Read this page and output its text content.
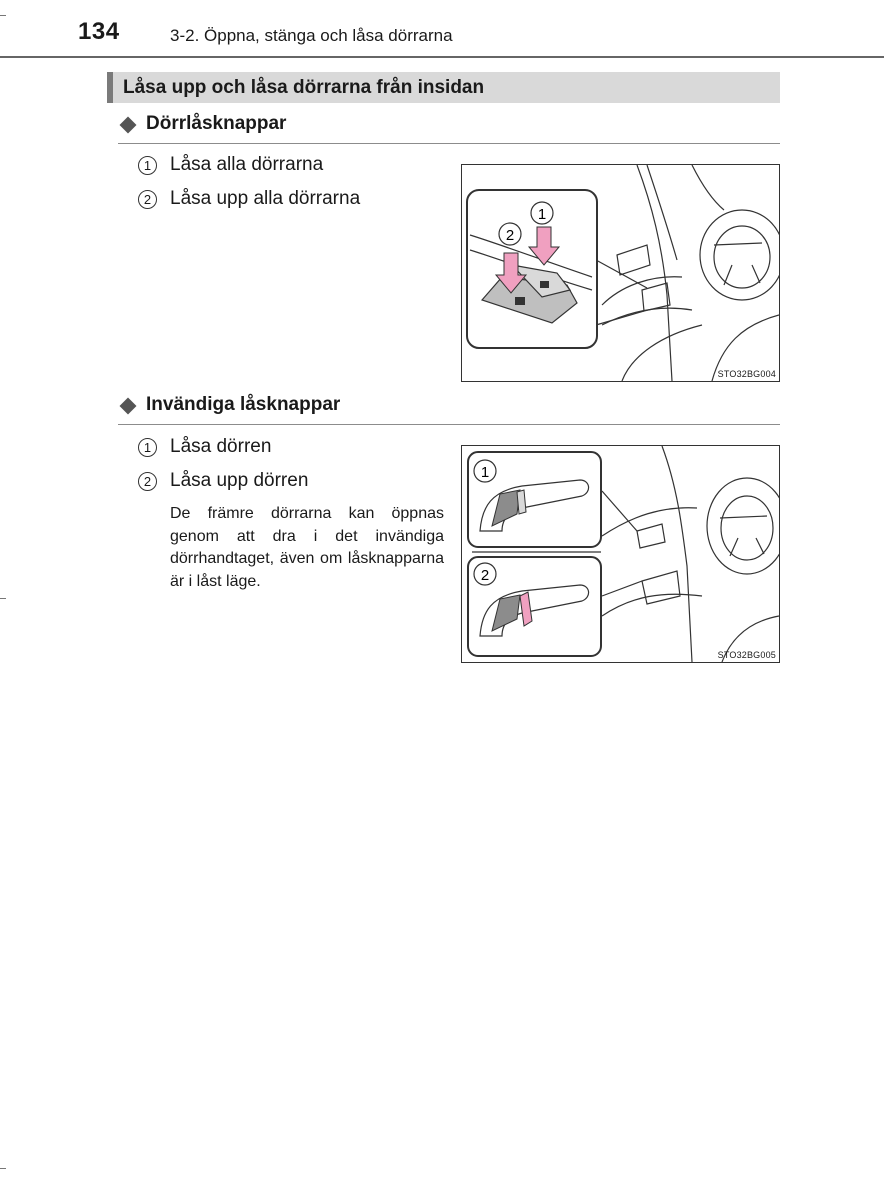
134	3-2. Öppna, stänga och låsa dörrarna
Låsa upp och låsa dörrarna från insidan
Dörrlåsknappar
1 Låsa alla dörrarna
2 Låsa upp alla dörrarna
1
2
STO32BG004
Invändiga låsknappar
1 Låsa dörren
2 Låsa upp dörren
De främre dörrarna kan öppnas genom att dra i det invändiga dörrhandtaget, även om låsknapparna är i låst läge.
1
2
STO32BG005
